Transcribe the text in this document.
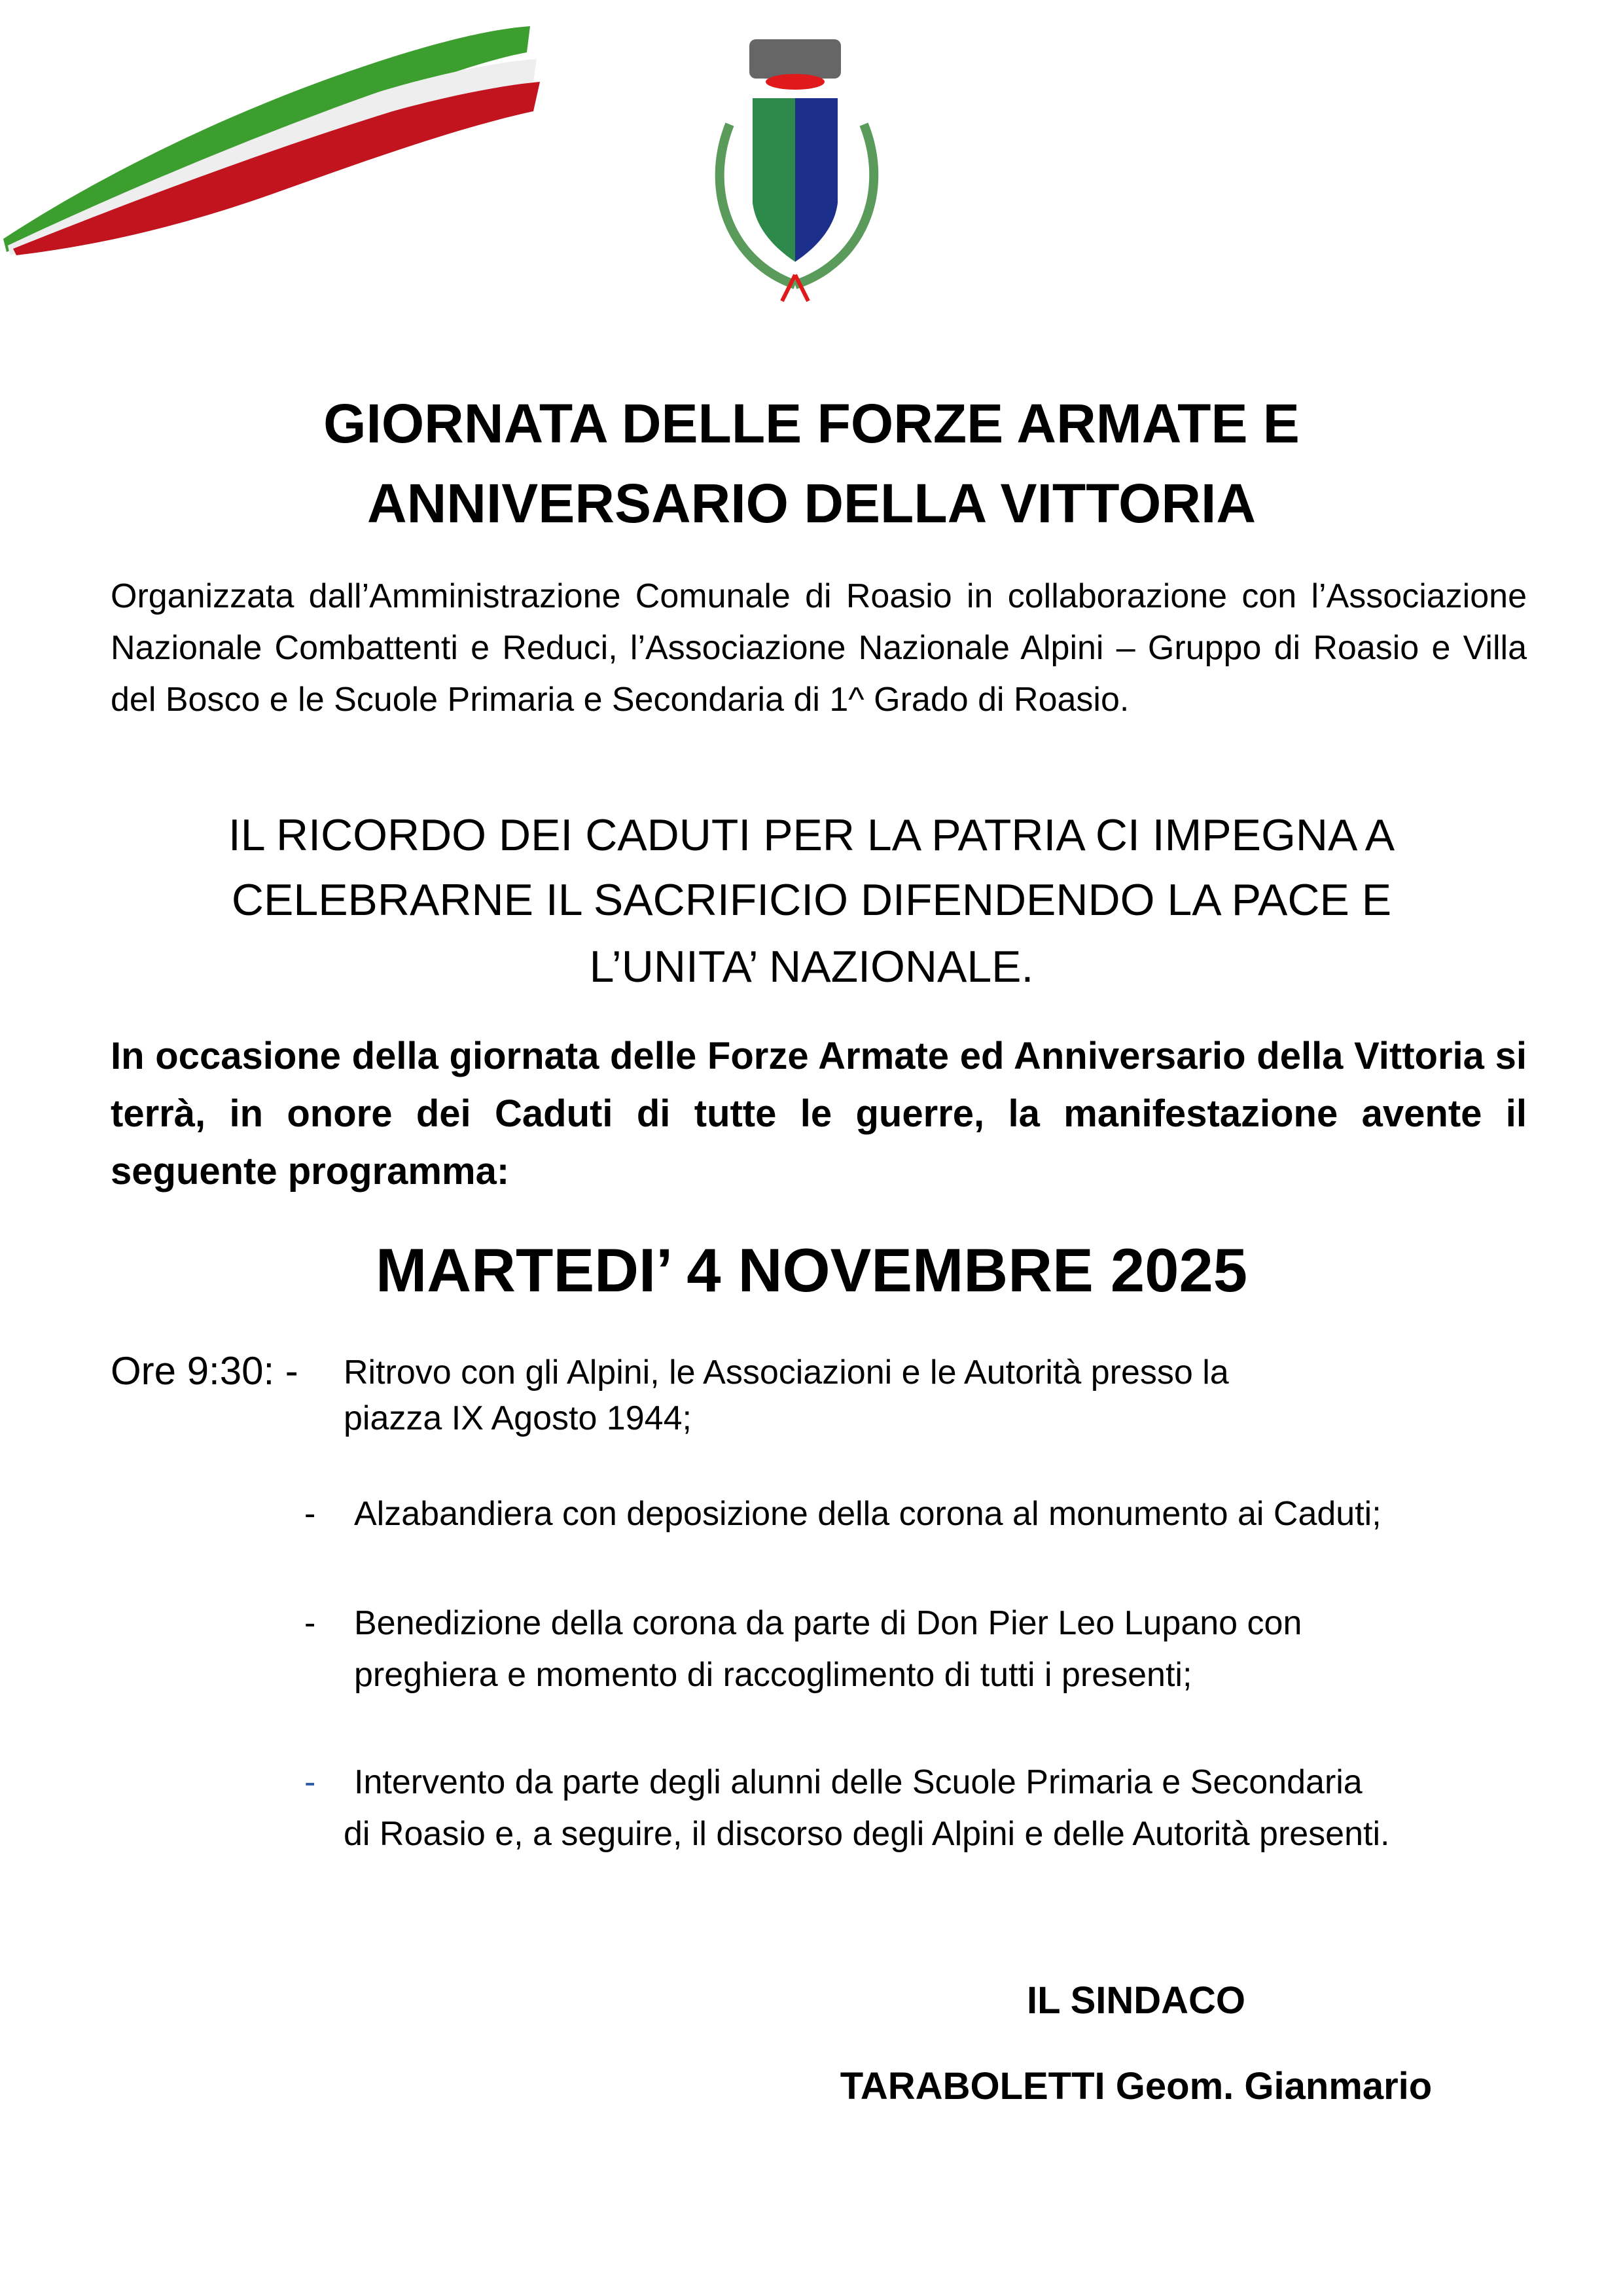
GIORNATA DELLE FORZE ARMATE E
ANNIVERSARIO DELLA VITTORIA
Organizzata dall’Amministrazione Comunale di Roasio in collaborazione con l’Associazione Nazionale Combattenti e Reduci, l’Associazione Nazionale Alpini – Gruppo di Roasio e Villa del Bosco e le Scuole Primaria e Secondaria di 1^ Grado di Roasio.
IL RICORDO DEI CADUTI PER LA PATRIA CI IMPEGNA A
CELEBRARNE IL SACRIFICIO DIFENDENDO LA PACE E
L’UNITA’ NAZIONALE.
In occasione della giornata delle Forze Armate ed Anniversario della Vittoria si terrà, in onore dei Caduti di tutte le guerre, la manifestazione avente il seguente programma:
MARTEDI’ 4 NOVEMBRE 2025
Ore 9:30: - Ritrovo con gli Alpini, le Associazioni e le Autorità presso la
piazza IX Agosto 1944;
- Alzabandiera con deposizione della corona al monumento ai Caduti;
- Benedizione della corona da parte di Don Pier Leo Lupano con
preghiera e momento di raccoglimento di tutti i presenti;
- Intervento da parte degli alunni delle Scuole Primaria e Secondaria
di Roasio e, a seguire, il discorso degli Alpini e delle Autorità presenti.
IL SINDACO
TARABOLETTI Geom. Gianmario
